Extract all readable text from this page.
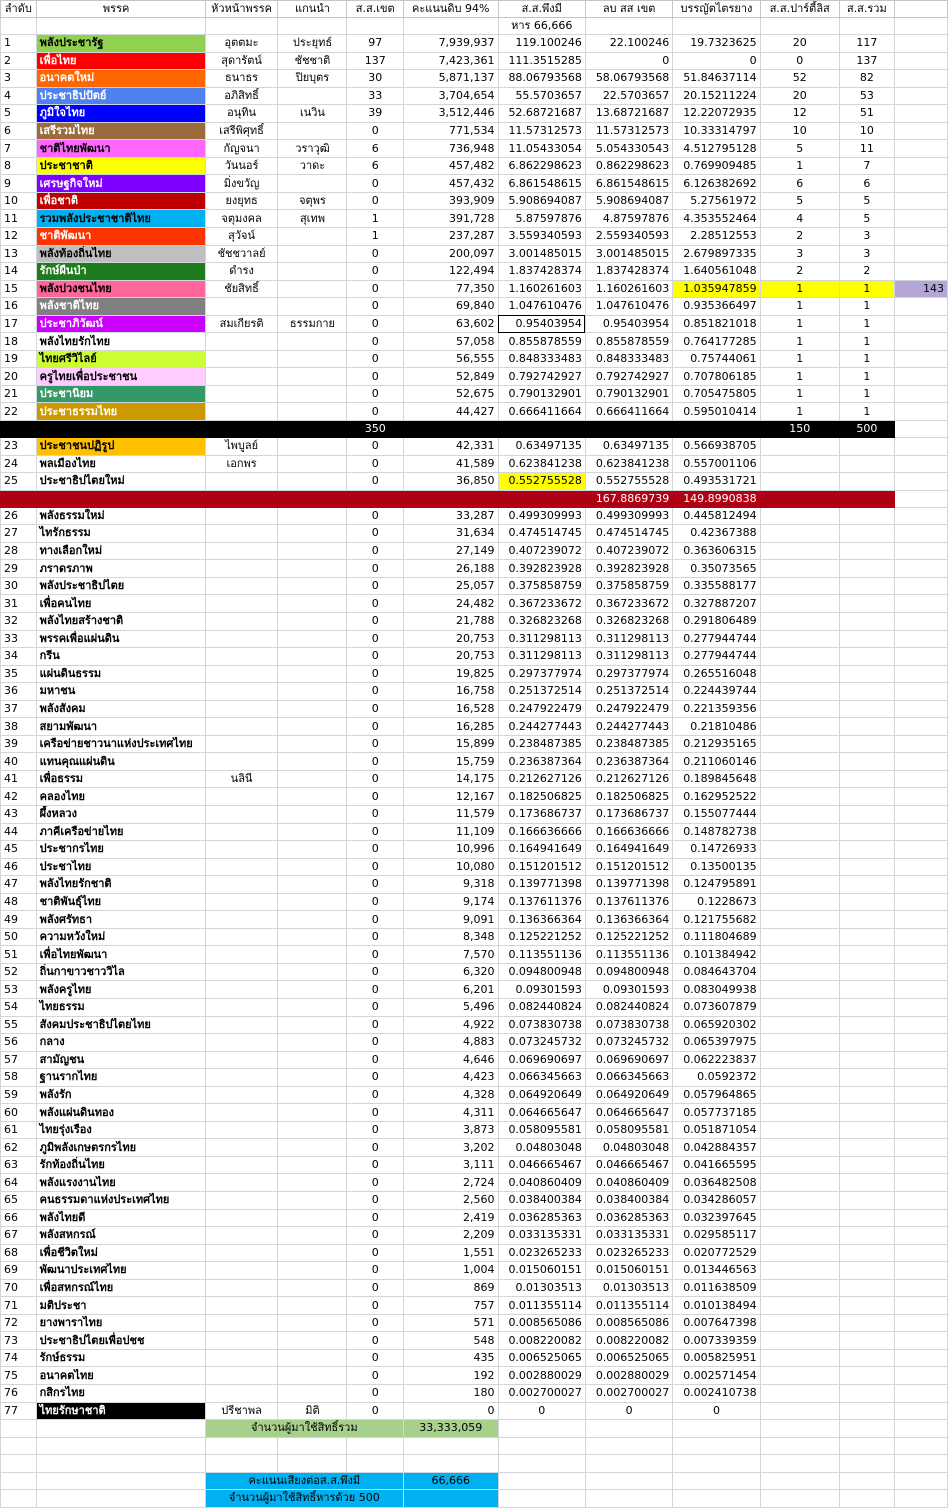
ลำดับ	พรรค	หัวหน้าพรรค	แกนนำ	ส.ส.เขต	คะแนนดิบ 94%	ส.ส.พึงมี	ลบ สส เขต	บรรญัตไตรยาง	ส.ส.ปาร์ตี้ลิส	ส.ส.รวม	
						หาร 66,666					
1	พลังประชารัฐ	อุตตมะ	ประยุทธ์	97	7,939,937	119.100246	22.100246	19.7323625	20	117	
2	เพื่อไทย	สุดารัตน์	ชัชชาติ	137	7,423,361	111.3515285	0	0	0	137	
3	อนาคตใหม่	ธนาธร	ปิยบุตร	30	5,871,137	88.06793568	58.06793568	51.84637114	52	82	
4	ประชาธิปปัตย์	อภิสิทธิ์		33	3,704,654	55.5703657	22.5703657	20.15211224	20	53	
5	ภูมิใจไทย	อนุทิน	เนวิน	39	3,512,446	52.68721687	13.68721687	12.22072935	12	51	
6	เสรีรวมไทย	เสรีพิศุทธิ์		0	771,534	11.57312573	11.57312573	10.33314797	10	10	
7	ชาติไทยพัฒนา	กัญจนา	วราวุฒิ	6	736,948	11.05433054	5.054330543	4.512795128	5	11	
8	ประชาชาติ	วันนอร์	วาดะ	6	457,482	6.862298623	0.862298623	0.769909485	1	7	
9	เศรษฐกิจใหม่	มิ่งขวัญ		0	457,432	6.861548615	6.861548615	6.126382692	6	6	
10	เพื่อชาติ	ยงยุทธ	จตุพร	0	393,909	5.908694087	5.908694087	5.27561972	5	5	
11	รวมพลังประชาชาติไทย	จตุมงคล	สุเทพ	1	391,728	5.87597876	4.87597876	4.353552464	4	5	
12	ชาติพัฒนา	สุวัจน์		1	237,287	3.559340593	2.559340593	2.28512553	2	3	
13	พลังท้องถิ่นไทย	ชัชชวาลย์		0	200,097	3.001485015	3.001485015	2.679897335	3	3	
14	รักษ์ผืนป่า	ดำรง		0	122,494	1.837428374	1.837428374	1.640561048	2	2	
15	พลังปวงชนไทย	ชัยสิทธิ์		0	77,350	1.160261603	1.160261603	1.035947859	1	1	143
16	พลังชาติไทย			0	69,840	1.047610476	1.047610476	0.935366497	1	1	
17	ประชาภิวัฒน์	สมเกียรติ	ธรรมกาย	0	63,602	0.95403954	0.95403954	0.851821018	1	1	
18	พลังไทยรักไทย			0	57,058	0.855878559	0.855878559	0.764177285	1	1	
19	ไทยศรีวิไลย์			0	56,555	0.848333483	0.848333483	0.75744061	1	1	
20	ครูไทยเพื่อประชาชน			0	52,849	0.792742927	0.792742927	0.707806185	1	1	
21	ประชานิยม			0	52,675	0.790132901	0.790132901	0.705475805	1	1	
22	ประชาธรรมไทย			0	44,427	0.666411664	0.666411664	0.595010414	1	1	
				350					150	500	
23	ประชาชนปฏิรูป	ไพบูลย์		0	42,331	0.63497135	0.63497135	0.566938705			
24	พลเมืองไทย	เอกพร		0	41,589	0.623841238	0.623841238	0.557001106			
25	ประชาธิปไตยใหม่			0	36,850	0.552755528	0.552755528	0.493531721			
							167.8869739	149.8990838			
26	พลังธรรมใหม่			0	33,287	0.499309993	0.499309993	0.445812494			
27	ไทรักธรรม			0	31,634	0.474514745	0.474514745	0.42367388			
28	ทางเลือกใหม่			0	27,149	0.407239072	0.407239072	0.363606315			
29	ภราดรภาพ			0	26,188	0.392823928	0.392823928	0.35073565			
30	พลังประชาธิปไตย			0	25,057	0.375858759	0.375858759	0.335588177			
31	เพื่อคนไทย			0	24,482	0.367233672	0.367233672	0.327887207			
32	พลังไทยสร้างชาติ			0	21,788	0.326823268	0.326823268	0.291806489			
33	พรรคเพื่อแผ่นดิน			0	20,753	0.311298113	0.311298113	0.277944744			
34	กรีน			0	20,753	0.311298113	0.311298113	0.277944744			
35	แผ่นดินธรรม			0	19,825	0.297377974	0.297377974	0.265516048			
36	มหาชน			0	16,758	0.251372514	0.251372514	0.224439744			
37	พลังสังคม			0	16,528	0.247922479	0.247922479	0.221359356			
38	สยามพัฒนา			0	16,285	0.244277443	0.244277443	0.21810486			
39	เครือข่ายชาวนาแห่งประเทศไทย			0	15,899	0.238487385	0.238487385	0.212935165			
40	แทนคุณแผ่นดิน			0	15,759	0.236387364	0.236387364	0.211060146			
41	เพื่อธรรม	นลินี		0	14,175	0.212627126	0.212627126	0.189845648			
42	คลองไทย			0	12,167	0.182506825	0.182506825	0.162952522			
43	ผึ้งหลวง			0	11,579	0.173686737	0.173686737	0.155077444			
44	ภาคีเครือข่ายไทย			0	11,109	0.166636666	0.166636666	0.148782738			
45	ประชากรไทย			0	10,996	0.164941649	0.164941649	0.14726933			
46	ประชาไทย			0	10,080	0.151201512	0.151201512	0.13500135			
47	พลังไทยรักชาติ			0	9,318	0.139771398	0.139771398	0.124795891			
48	ชาติพันธุ์ไทย			0	9,174	0.137611376	0.137611376	0.1228673			
49	พลังศรัทธา			0	9,091	0.136366364	0.136366364	0.121755682			
50	ความหวังใหม่			0	8,348	0.125221252	0.125221252	0.111804689			
51	เพื่อไทยพัฒนา			0	7,570	0.113551136	0.113551136	0.101384942			
52	ถิ่นกาขาวชาววิไล			0	6,320	0.094800948	0.094800948	0.084643704			
53	พลังครูไทย			0	6,201	0.09301593	0.09301593	0.083049938			
54	ไทยธรรม			0	5,496	0.082440824	0.082440824	0.073607879			
55	สังคมประชาธิปไตยไทย			0	4,922	0.073830738	0.073830738	0.065920302			
56	กลาง			0	4,883	0.073245732	0.073245732	0.065397975			
57	สามัญชน			0	4,646	0.069690697	0.069690697	0.062223837			
58	ฐานรากไทย			0	4,423	0.066345663	0.066345663	0.0592372			
59	พลังรัก			0	4,328	0.064920649	0.064920649	0.057964865			
60	พลังแผ่นดินทอง			0	4,311	0.064665647	0.064665647	0.057737185			
61	ไทยรุ่งเรือง			0	3,873	0.058095581	0.058095581	0.051871054			
62	ภูมิพลังเกษตรกรไทย			0	3,202	0.04803048	0.04803048	0.042884357			
63	รักท้องถิ่นไทย			0	3,111	0.046665467	0.046665467	0.041665595			
64	พลังแรงงานไทย			0	2,724	0.040860409	0.040860409	0.036482508			
65	คนธรรมดาแห่งประเทศไทย			0	2,560	0.038400384	0.038400384	0.034286057			
66	พลังไทยดี			0	2,419	0.036285363	0.036285363	0.032397645			
67	พลังสหกรณ์			0	2,209	0.033135331	0.033135331	0.029585117			
68	เพื่อชีวิตใหม่			0	1,551	0.023265233	0.023265233	0.020772529			
69	พัฒนาประเทศไทย			0	1,004	0.015060151	0.015060151	0.013446563			
70	เพื่อสหกรณ์ไทย			0	869	0.01303513	0.01303513	0.011638509			
71	มติประชา			0	757	0.011355114	0.011355114	0.010138494			
72	ยางพาราไทย			0	571	0.008565086	0.008565086	0.007647398			
73	ประชาธิปไตยเพื่อปชช			0	548	0.008220082	0.008220082	0.007339359			
74	รักษ์ธรรม			0	435	0.006525065	0.006525065	0.005825951			
75	อนาคตไทย			0	192	0.002880029	0.002880029	0.002571454			
76	กสิกรไทย			0	180	0.002700027	0.002700027	0.002410738			
77	ไทยรักษาชาติ	ปรีชาพล	มิติ	0	0	0	0	0			
		จำนวนผู้มาใช้สิทธิ์รวม			33,333,059						

		คะแนนเสียงต่อส.ส.พึงมี			66,666						
		จำนวนผู้มาใช้สิทธิ์หารด้วย 500									
